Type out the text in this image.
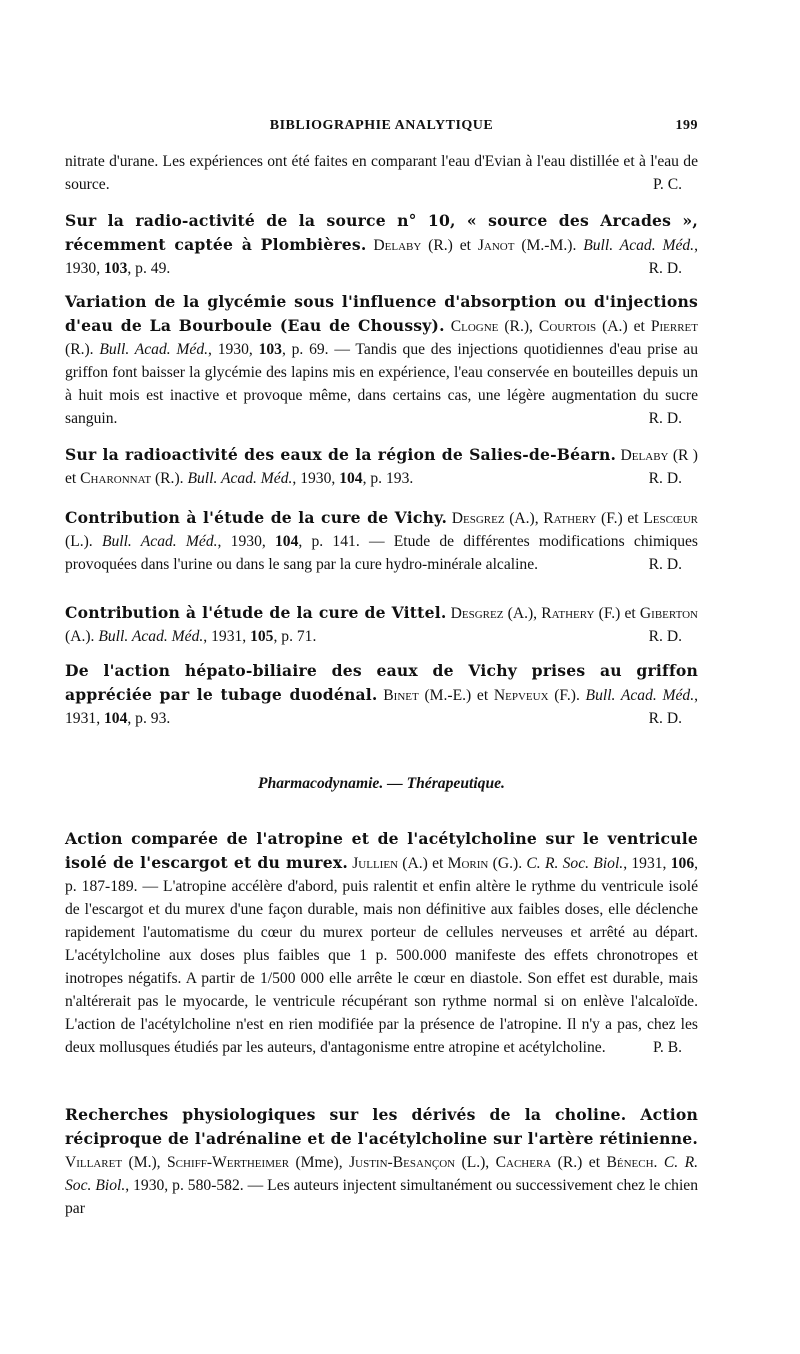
BIBLIOGRAPHIE ANALYTIQUE	199
nitrate d'urane. Les expériences ont été faites en comparant l'eau d'Evian à l'eau distillée et à l'eau de source.	P. C.
Sur la radio-activité de la source n° 10, « source des Arcades », récemment captée à Plombières. Delaby (R.) et Janot (M.-M.). Bull. Acad. Méd., 1930, 103, p. 49.	R. D.
Variation de la glycémie sous l'influence d'absorption ou d'injections d'eau de La Bourboule (Eau de Choussy). Clogne (R.), Courtois (A.) et Pierret (R.). Bull. Acad. Méd., 1930, 103, p. 69. — Tandis que des injections quotidiennes d'eau prise au griffon font baisser la glycémie des lapins mis en expérience, l'eau conservée en bouteilles depuis un à huit mois est inactive et provoque même, dans certains cas, une légère augmentation du sucre sanguin.	R. D.
Sur la radioactivité des eaux de la région de Salies-de-Béarn. Delaby (R ) et Charonnat (R.). Bull. Acad. Méd., 1930, 104, p. 193.	R. D.
Contribution à l'étude de la cure de Vichy. Desgrez (A.), Rathery (F.) et Lescœur (L.). Bull. Acad. Méd., 1930, 104, p. 141. — Etude de différentes modifications chimiques provoquées dans l'urine ou dans le sang par la cure hydro-minérale alcaline.	R. D.
Contribution à l'étude de la cure de Vittel. Desgrez (A.), Rathery (F.) et Giberton (A.). Bull. Acad. Méd., 1931, 105, p. 71.	R. D.
De l'action hépato-biliaire des eaux de Vichy prises au griffon appréciée par le tubage duodénal. Binet (M.-E.) et Nepveux (F.). Bull. Acad. Méd., 1931, 104, p. 93.	R. D.
Pharmacodynamie. — Thérapeutique.
Action comparée de l'atropine et de l'acétylcholine sur le ventricule isolé de l'escargot et du murex. Jullien (A.) et Morin (G.). C. R. Soc. Biol., 1931, 106, p. 187-189. — L'atropine accélère d'abord, puis ralentit et enfin altère le rythme du ventricule isolé de l'escargot et du murex d'une façon durable, mais non définitive aux faibles doses, elle déclenche rapidement l'automatisme du cœur du murex porteur de cellules nerveuses et arrêté au départ. L'acétylcholine aux doses plus faibles que 1 p. 500.000 manifeste des effets chronotropes et inotropes négatifs. A partir de 1/500 000 elle arrête le cœur en diastole. Son effet est durable, mais n'altérerait pas le myocarde, le ventricule récupérant son rythme normal si on enlève l'alcaloïde. L'action de l'acétylcholine n'est en rien modifiée par la présence de l'atropine. Il n'y a pas, chez les deux mollusques étudiés par les auteurs, d'antagonisme entre atropine et acétylcholine.	P. B.
Recherches physiologiques sur les dérivés de la choline. Action réciproque de l'adrénaline et de l'acétylcholine sur l'artère rétinienne. Villaret (M.), Schiff-Wertheimer (Mme), Justin-Besançon (L.), Cachera (R.) et Bénech. C. R. Soc. Biol., 1930, p. 580-582. — Les auteurs injectent simultanément ou successivement chez le chien par
